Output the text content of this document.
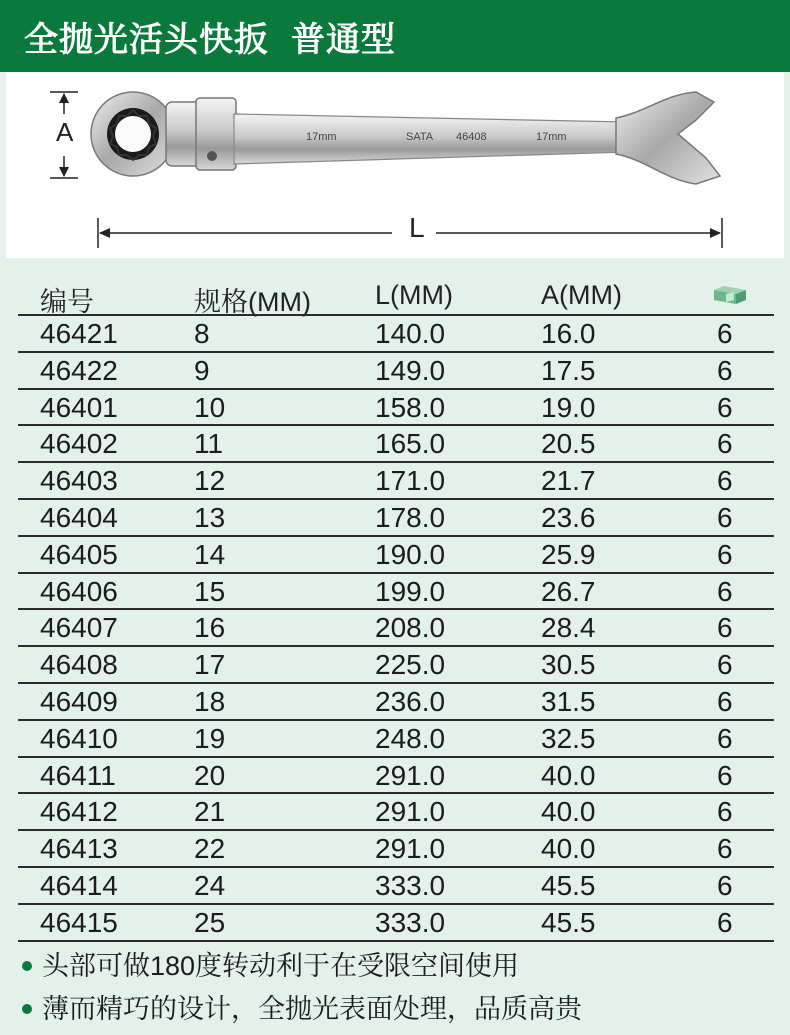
全抛光活头快扳 普通型
17mm	SATA 46408	17mm
A
L
编号	规格(MM) L(MM)	A(MM)
46421	8	140.0	16.0	6
46422	9	149.0	17.5	6
46401	10	158.0	19.0	6
46402	11	165.0	20.5	6
46403	12	171.0	21.7	6
46404	13	178.0	23.6	6
46405	14	190.0	25.9	6
46406	15	199.0	26.7	6
46407	16	208.0	28.4	6
46408	17	225.0	30.5	6
46409	18	236.0	31.5	6
46410	19	248.0	32.5	6
46411	20	291.0	40.0	6
46412	21	291.0	40.0	6
46413	22	291.0	40.0	6
46414	24	333.0	45.5	6
46415	25	333.0	45.5	6
头部可做180度转动利于在受限空间使用
薄而精巧的设计，全抛光表面处理，品质高贵
